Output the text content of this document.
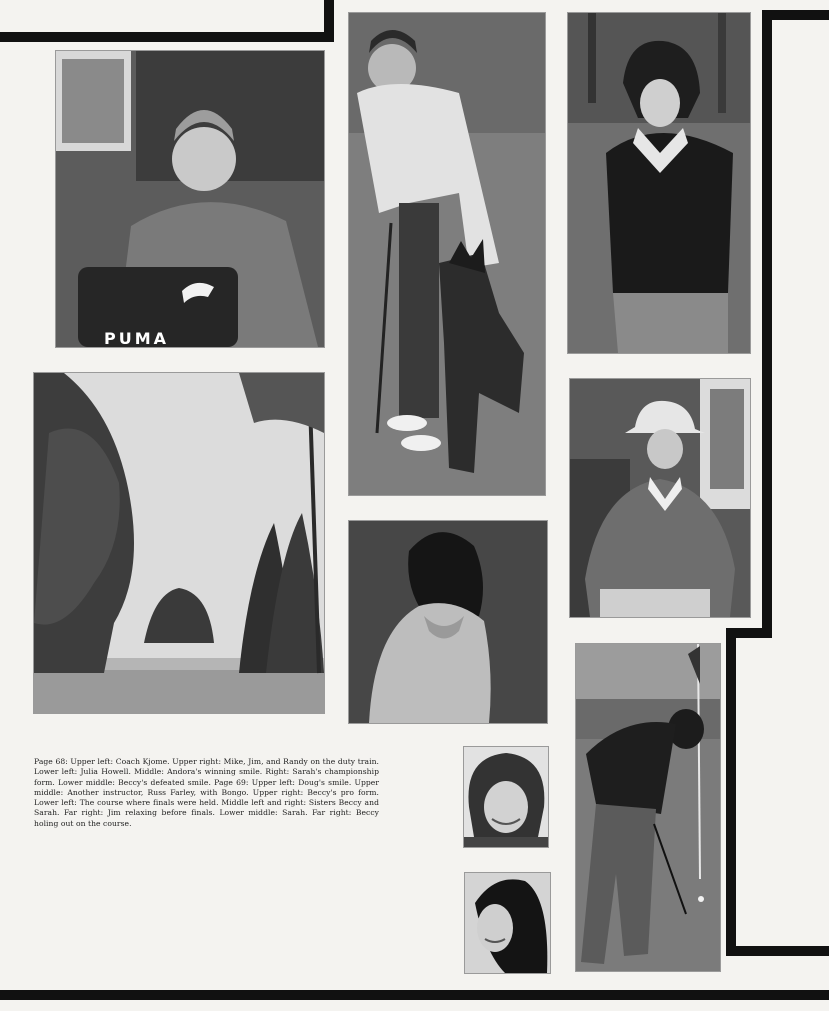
PUMA
Page 68: Upper left: Coach Kjome. Upper right: Mike, Jim, and Randy on the duty train. Lower left: Julia Howell. Middle: Andora's winning smile. Right: Sarah's championship form. Lower middle: Beccy's defeated smile. Page 69: Upper left: Doug's smile. Upper middle: Another instructor, Russ Farley, with Bongo. Upper right: Beccy's pro form. Lower left: The course where finals were held. Middle left and right: Sisters Beccy and Sarah. Far right: Jim relaxing before finals. Lower middle: Sarah. Far right: Beccy holing out on the course.
